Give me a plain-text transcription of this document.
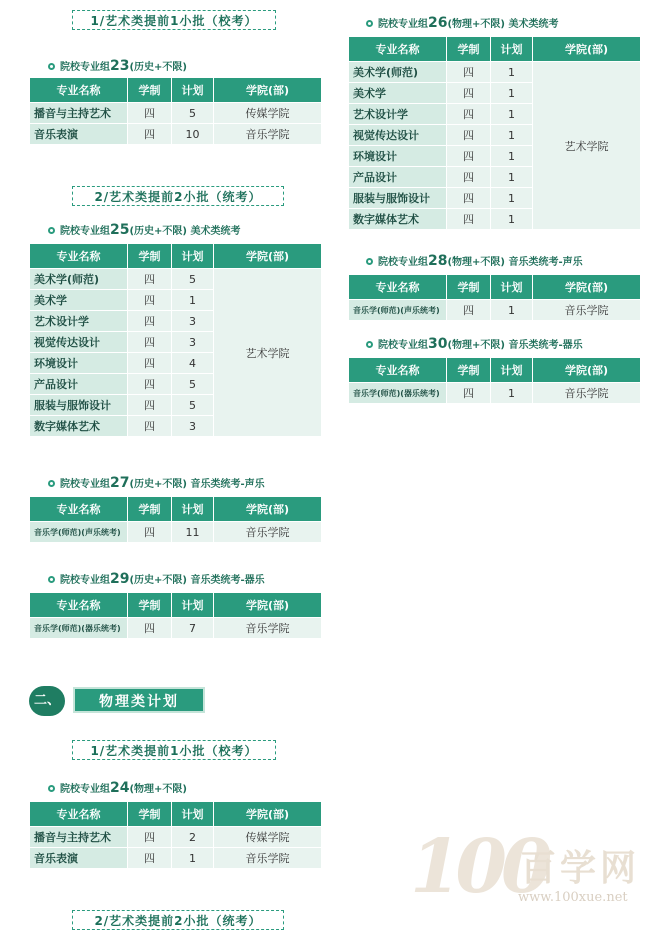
1/艺术类提前1小批（校考）
2/艺术类提前2小批（统考）
1/艺术类提前1小批（校考）
2/艺术类提前2小批（统考）
二、	物理类计划
院校专业组23(历史+不限)
院校专业组25(历史+不限) 美术类统考
院校专业组27(历史+不限) 音乐类统考-声乐
院校专业组29(历史+不限) 音乐类统考-器乐
院校专业组24(物理+不限)
院校专业组26(物理+不限) 美术类统考
院校专业组28(物理+不限) 音乐类统考-声乐
院校专业组30(物理+不限) 音乐类统考-器乐
专业名称	学制	计划	学院(部)
播音与主持艺术	四	5	传媒学院
音乐表演	四	10	音乐学院
专业名称	学制	计划	学院(部)
美术学(师范)	四	5	艺术学院
美术学	四	1	
艺术设计学	四	3	
视觉传达设计	四	3	
环境设计	四	4	
产品设计	四	5	
服装与服饰设计	四	5	
数字媒体艺术	四	3	
专业名称	学制	计划	学院(部)
音乐学(师范)(声乐统考)	四	11	音乐学院
专业名称	学制	计划	学院(部)
音乐学(师范)(器乐统考)	四	7	音乐学院
专业名称	学制	计划	学院(部)
播音与主持艺术	四	2	传媒学院
音乐表演	四	1	音乐学院
专业名称	学制	计划	学院(部)
美术学(师范)	四	1	艺术学院
美术学	四	1	
艺术设计学	四	1	
视觉传达设计	四	1	
环境设计	四	1	
产品设计	四	1	
服装与服饰设计	四	1	
数字媒体艺术	四	1	
专业名称	学制	计划	学院(部)
音乐学(师范)(声乐统考)	四	1	音乐学院
专业名称	学制	计划	学院(部)
音乐学(师范)(器乐统考)	四	1	音乐学院
100
百学网
www.100xue.net
